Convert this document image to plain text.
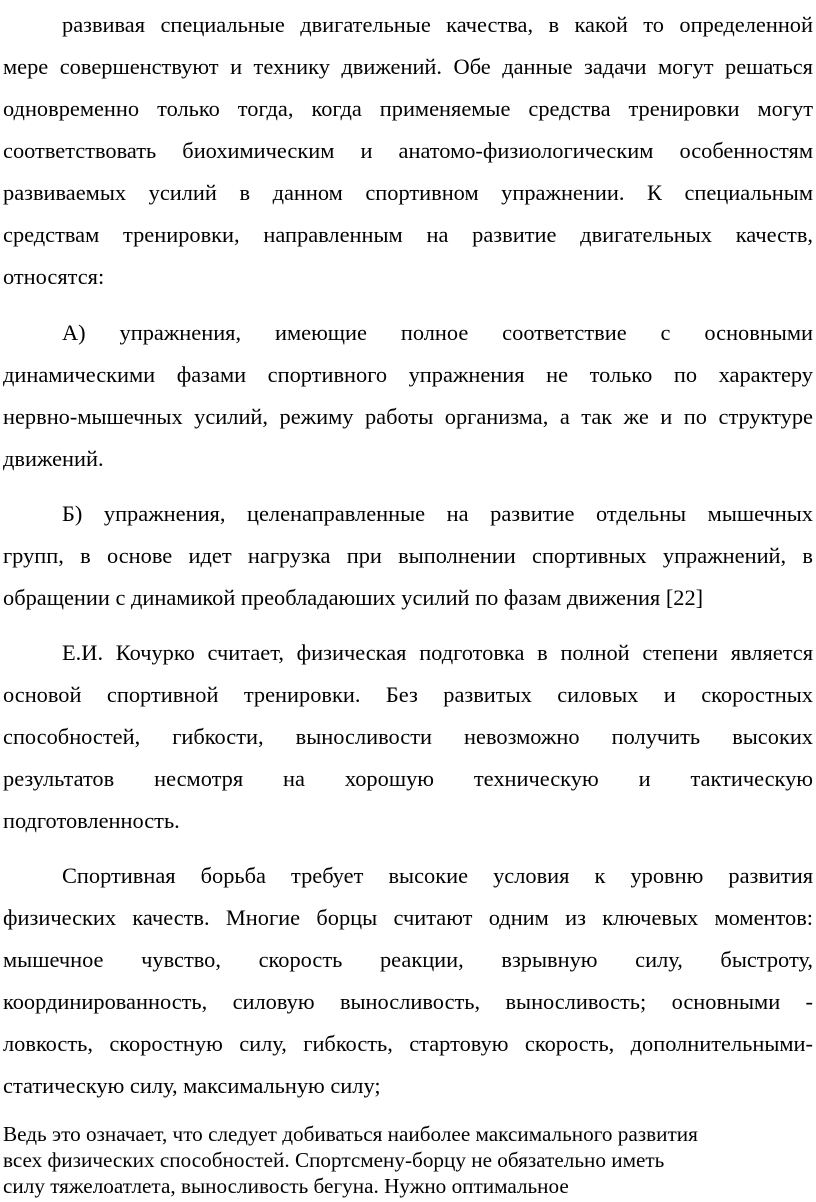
развивая специальные двигательные качества, в какой то определенной
мере совершенствуют и технику движений. Обе данные задачи могут решаться
одновременно только тогда, когда применяемые средства тренировки могут
соответствовать биохимическим и анатомо-физиологическим особенностям
развиваемых усилий в данном спортивном упражнении. К специальным
средствам тренировки, направленным на развитие двигательных качеств,
относятся:
А) упражнения, имеющие полное соответствие с основными
динамическими фазами спортивного упражнения не только по характеру
нервно-мышечных усилий, режиму работы организма, а так же и по структуре
движений.
Б) упражнения, целенаправленные на развитие отдельны мышечных
групп, в основе идет нагрузка при выполнении спортивных упражнений, в
обращении с динамикой преобладаюших усилий по фазам движения [22]
Е.И. Кочурко считает, физическая подготовка в полной степени является
основой спортивной тренировки. Без развитых силовых и скоростных
способностей, гибкости, выносливости невозможно получить высоких
результатов несмотря на хорошую техническую и тактическую
подготовленность.
Спортивная борьба требует высокие условия к уровню развития
физических качеств. Многие борцы считают одним из ключевых моментов:
мышечное чувство, скорость реакции, взрывную силу, быстроту,
координированность, силовую выносливость, выносливость; основными -
ловкость, скоростную силу, гибкость, стартовую скорость, дополнительными-
статическую силу, максимальную силу;
Ведь это означает, что следует добиваться наиболее максимального развития
всех физических способностей. Спортсмену-борцу не обязательно иметь
силу тяжелоатлета, выносливость бегуна. Нужно оптимальное
